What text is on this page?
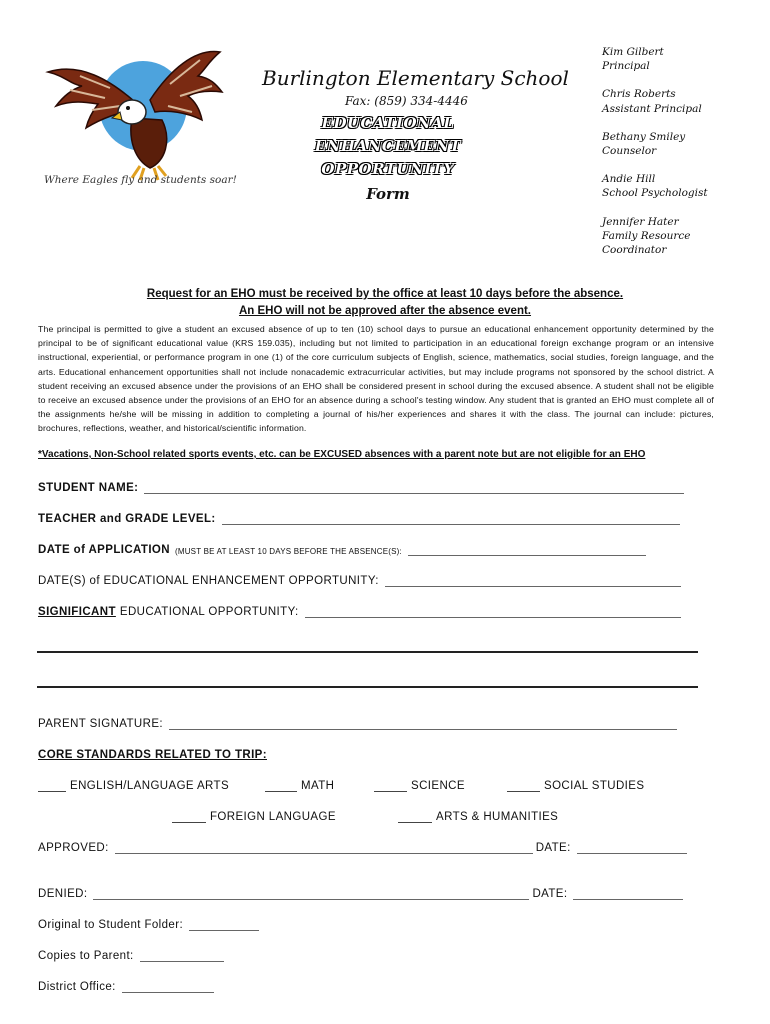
Where Eagles fly and students soar!
Burlington Elementary School
Fax: (859) 334-4446
EDUCATIONAL
ENHANCEMENT
OPPORTUNITY
Form
Kim Gilbert
Principal
Chris Roberts
Assistant Principal
Bethany Smiley
Counselor
Andie Hill
School Psychologist
Jennifer Hater
Family Resource Coordinator
Request for an EHO must be received by the office at least 10 days before the absence.
An EHO will not be approved after the absence event.
The principal is permitted to give a student an excused absence of up to ten (10) school days to pursue an educational enhancement opportunity determined by the principal to be of significant educational value (KRS 159.035), including but not limited to participation in an educational foreign exchange program or an intensive instructional, experiential, or performance program in one (1) of the core curriculum subjects of English, science, mathematics, social studies, foreign language, and the arts. Educational enhancement opportunities shall not include nonacademic extracurricular activities, but may include programs not sponsored by the school district. A student receiving an excused absence under the provisions of an EHO shall be considered present in school during the excused absence. A student shall not be eligible to receive an excused absence under the provisions of an EHO for an absence during a school's testing window. Any student that is granted an EHO must complete all of the assignments he/she will be missing in addition to completing a journal of his/her experiences and shares it with the class. The journal can include: pictures, brochures, reflections, weather, and historical/scientific information.
*Vacations, Non-School related sports events, etc. can be EXCUSED absences with a parent note but are not eligible for an EHO
STUDENT NAME:
TEACHER and GRADE LEVEL:
DATE of APPLICATION (MUST BE AT LEAST 10 DAYS BEFORE THE ABSENCE(S):
DATE(S) of EDUCATIONAL ENHANCEMENT OPPORTUNITY:
SIGNIFICANT EDUCATIONAL OPPORTUNITY:
PARENT SIGNATURE:
CORE STANDARDS RELATED TO TRIP:
ENGLISH/LANGUAGE ARTS	MATH	SCIENCE	SOCIAL STUDIES
FOREIGN LANGUAGE	ARTS & HUMANITIES
APPROVED:	DATE:
DENIED:	DATE:
Original to Student Folder:
Copies to Parent:
District Office:
